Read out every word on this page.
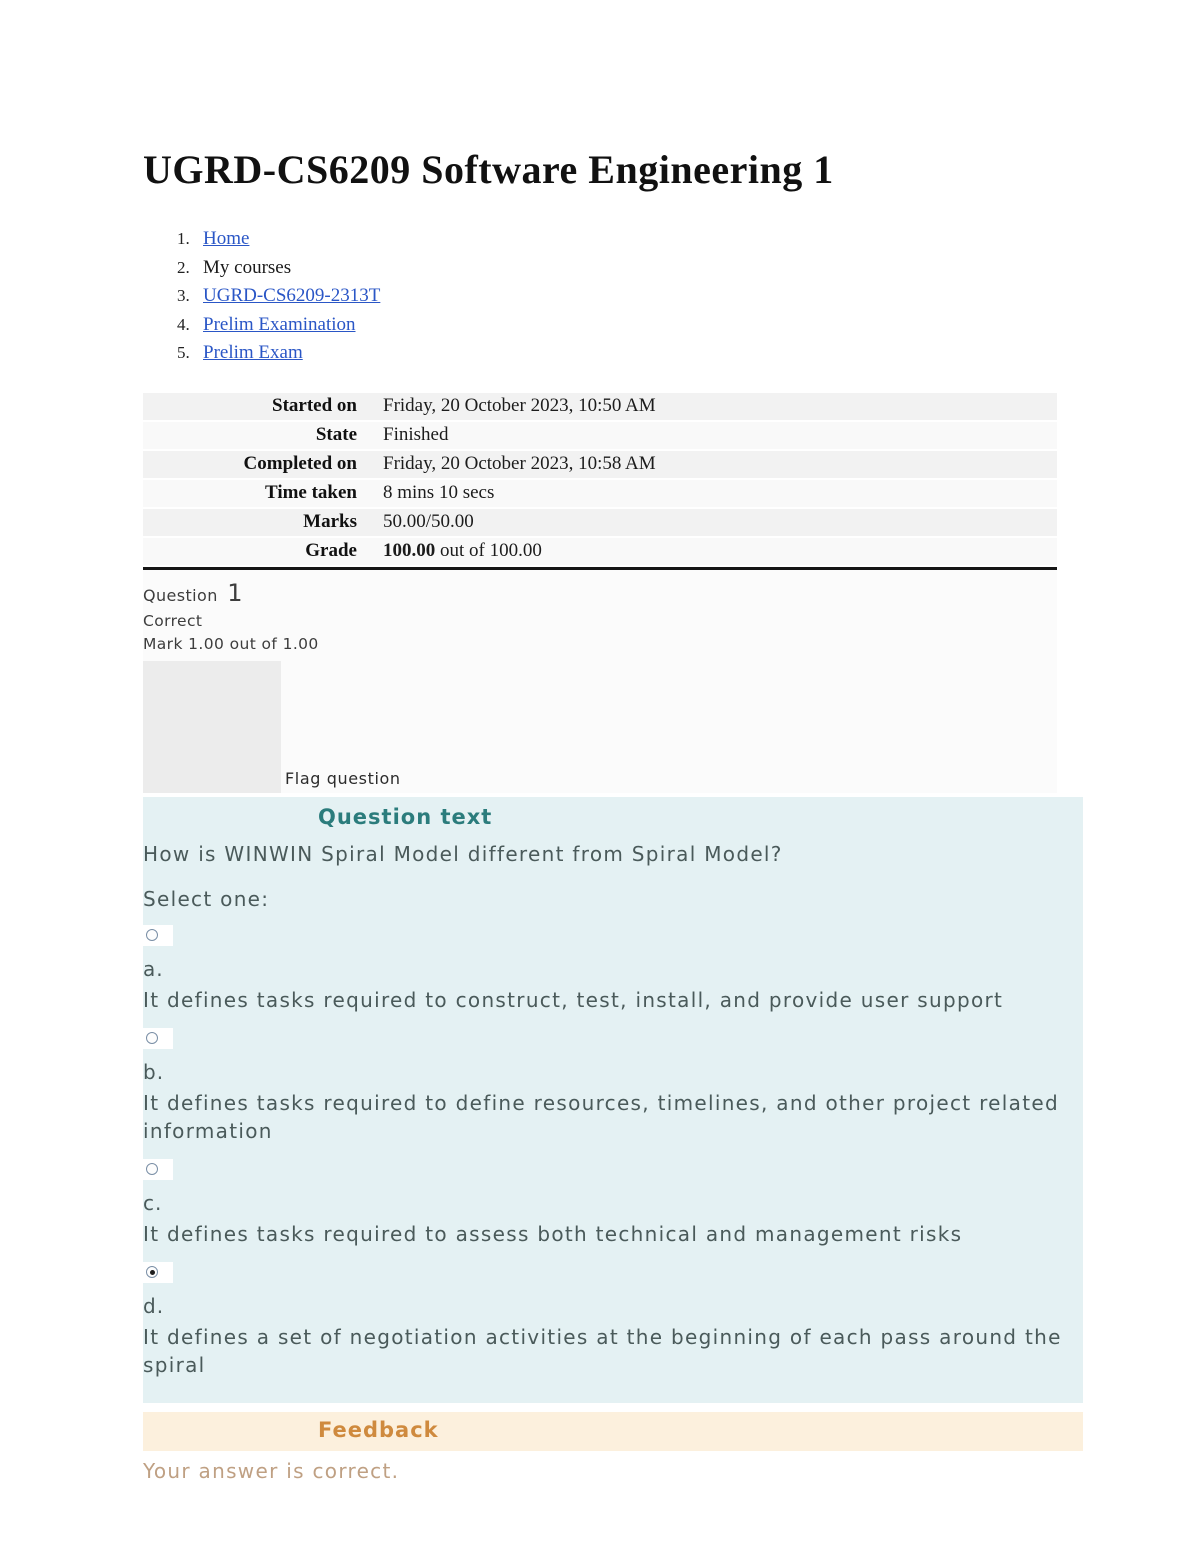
UGRD-CS6209 Software Engineering 1
1. Home
2. My courses
3. UGRD-CS6209-2313T
4. Prelim Examination
5. Prelim Exam
Started on	Friday, 20 October 2023, 10:50 AM
State	Finished
Completed on	Friday, 20 October 2023, 10:58 AM
Time taken	8 mins 10 secs
Marks	50.00/50.00
Grade	100.00 out of 100.00
Question 1
Correct
Mark 1.00 out of 1.00
Flag question
Question text

How is WINWIN Spiral Model different from Spiral Model?

Select one:

a.
It defines tasks required to construct, test, install, and provide user support
b.
It defines tasks required to define resources, timelines, and other project related information
c.
It defines tasks required to assess both technical and management risks
d.
It defines a set of negotiation activities at the beginning of each pass around the spiral
Feedback
Your answer is correct.
